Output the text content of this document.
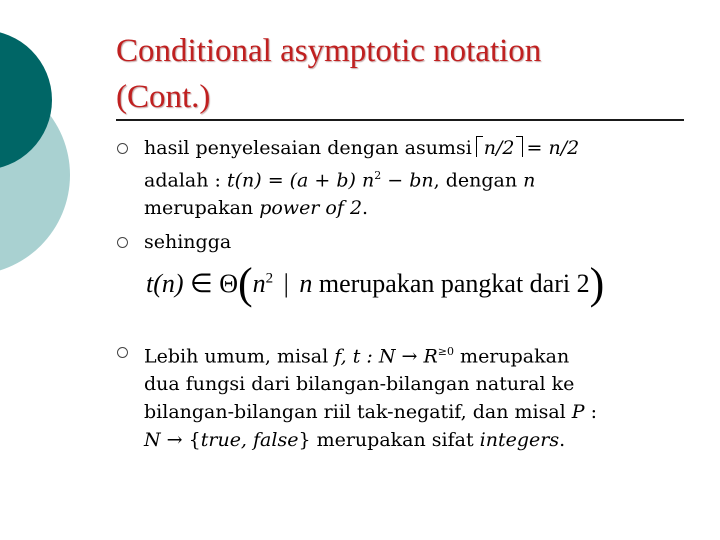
Conditional asymptotic notation
(Cont.)
hasil penyelesaian dengan asumsi n/2 = n/2
adalah : t(n) = (a + b) $n^2$ − bn, dengan n
merupakan power of 2.
sehingga
t(n) ∈ $\Theta(n^2$ | n merupakan pangkat dari 2)
Lebih umum, misal f, t : $N \to R^{\ge 0}$ merupakan
dua fungsi dari bilangan-bilangan natural ke
bilangan-bilangan riil tak-negatif, dan misal P :
N → {true, false} merupakan sifat integers.
